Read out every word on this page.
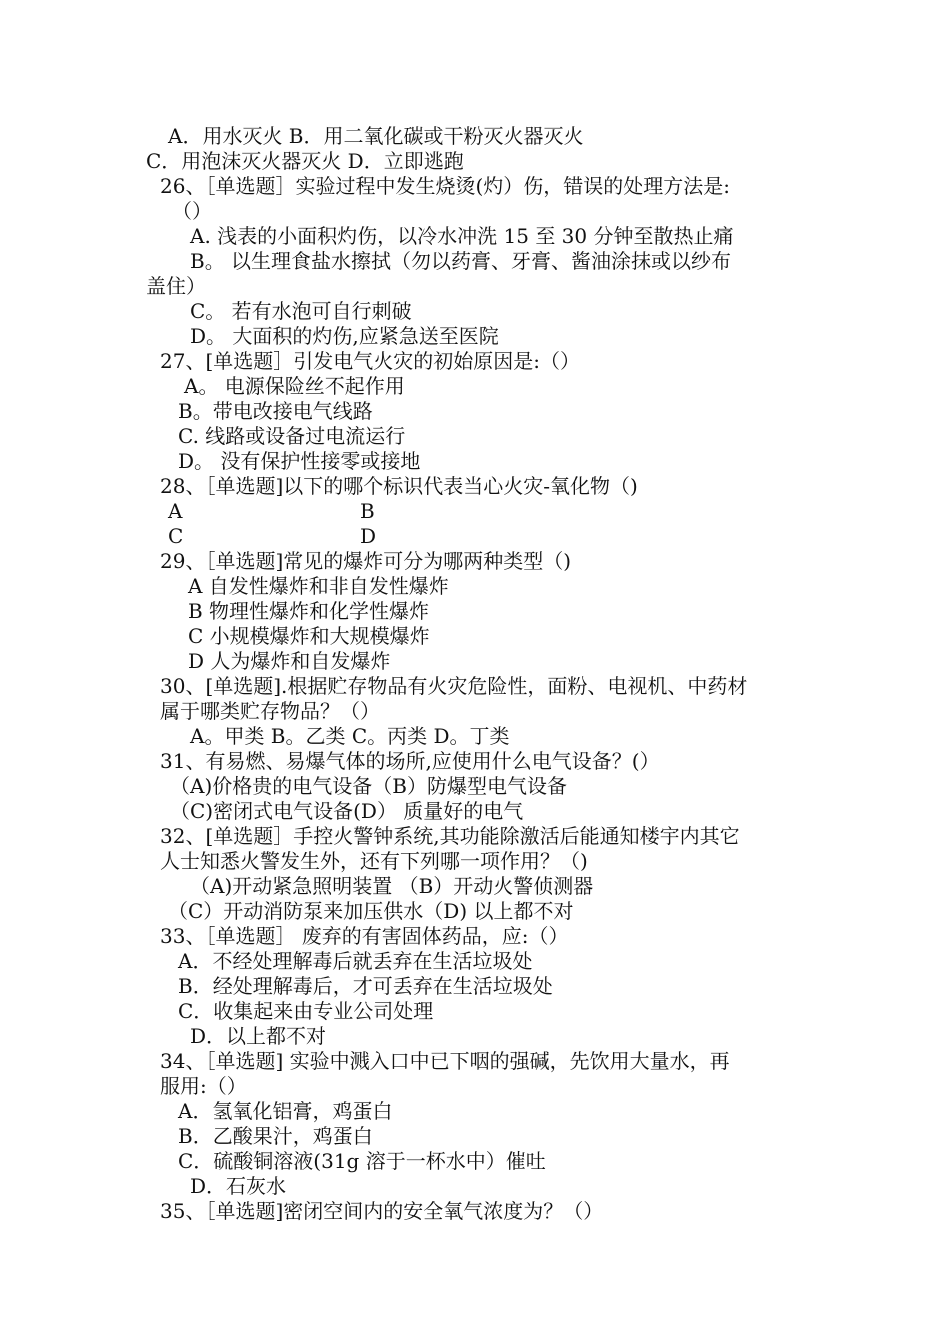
A．用水灭火 B．用二氧化碳或干粉灭火器灭火
C．用泡沫灭火器灭火 D．立即逃跑
26、［单选题］实验过程中发生烧烫(灼）伤，错误的处理方法是:
（）
A. 浅表的小面积灼伤，以冷水冲洗 15 至 30 分钟至散热止痛
B。 以生理食盐水擦拭（勿以药膏、牙膏、酱油涂抹或以纱布
盖住）
C。 若有水泡可自行刺破
D。 大面积的灼伤,应紧急送至医院
27、[单选题］引发电气火灾的初始原因是:（）
A。 电源保险丝不起作用
B。带电改接电气线路
C. 线路或设备过电流运行
D。 没有保护性接零或接地
28、［单选题]以下的哪个标识代表当心火灾-氧化物（)
A	B
C	D
29、［单选题]常见的爆炸可分为哪两种类型（)
A 自发性爆炸和非自发性爆炸
B 物理性爆炸和化学性爆炸
C 小规模爆炸和大规模爆炸
D 人为爆炸和自发爆炸
30、[单选题].根据贮存物品有火灾危险性，面粉、电视机、中药材
属于哪类贮存物品？（）
A。甲类 B。乙类 C。丙类 D。丁类
31、有易燃、易爆气体的场所,应使用什么电气设备？(）
（A)价格贵的电气设备（B）防爆型电气设备
（C)密闭式电气设备(D） 质量好的电气
32、[单选题］手控火警钟系统,其功能除激活后能通知楼宇内其它
人士知悉火警发生外，还有下列哪一项作用？（)
（A)开动紧急照明装置 （B）开动火警侦测器
（C）开动消防泵来加压供水（D) 以上都不对
33、［单选题］ 废弃的有害固体药品，应:（）
A．不经处理解毒后就丢弃在生活垃圾处
B．经处理解毒后，才可丢弃在生活垃圾处
C．收集起来由专业公司处理
D．以上都不对
34、［单选题] 实验中溅入口中已下咽的强碱，先饮用大量水，再
服用:（）
A．氢氧化铝膏，鸡蛋白
B．乙酸果汁，鸡蛋白
C．硫酸铜溶液(31g 溶于一杯水中）催吐
D．石灰水
35、［单选题]密闭空间内的安全氧气浓度为？（）
